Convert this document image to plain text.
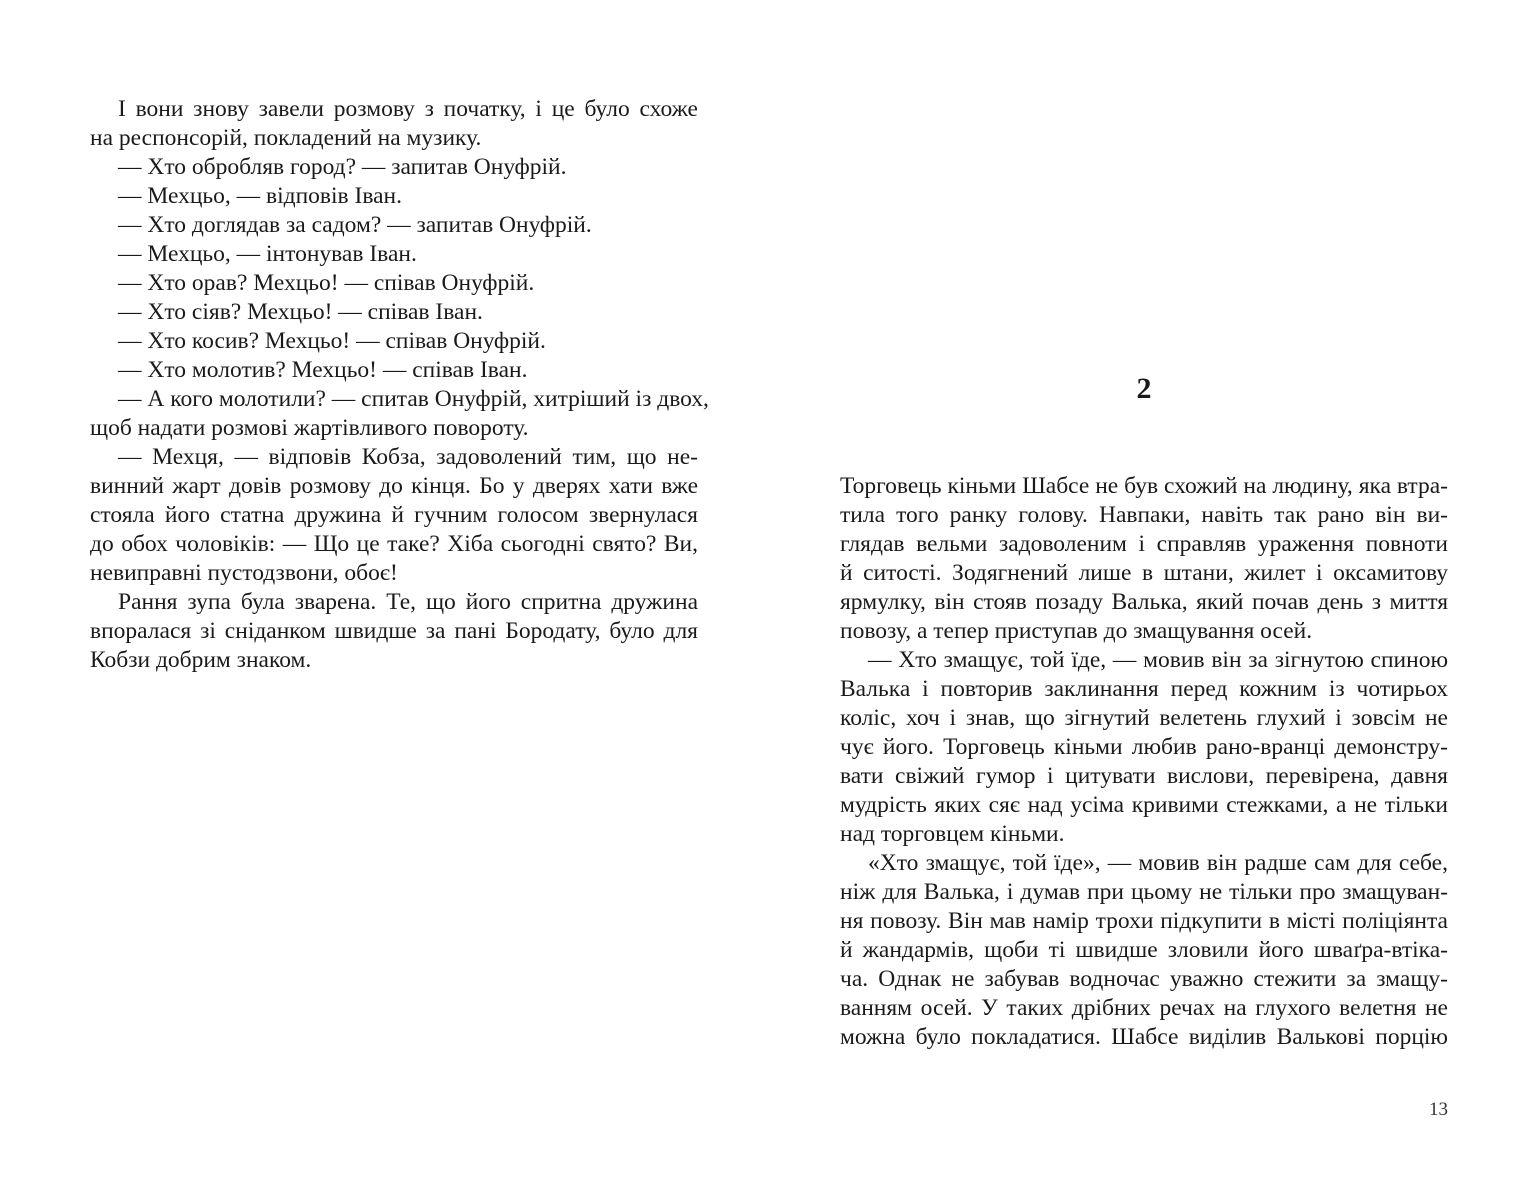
І вони знову завели розмову з початку, і це було схоже
на респонсорій, покладений на музику.
— Хто обробляв город? — запитав Онуфрій.
— Мехцьо, — відповів Іван.
— Хто доглядав за садом? — запитав Онуфрій.
— Мехцьо, — інтонував Іван.
— Хто орав? Мехцьо! — співав Онуфрій.
— Хто сіяв? Мехцьо! — співав Іван.
— Хто косив? Мехцьо! — співав Онуфрій.
— Хто молотив? Мехцьо! — співав Іван.
— А кого молотили? — спитав Онуфрій, хитріший із двох,
щоб надати розмові жартівливого повороту.
— Мехця, — відповів Кобза, задоволений тим, що не-
винний жарт довів розмову до кінця. Бо у дверях хати вже
стояла його статна дружина й гучним голосом звернулася
до обох чоловіків: — Що це таке? Хіба сьогодні свято? Ви,
невиправні пустодзвони, обоє!
Рання зупа була зварена. Те, що його спритна дружина
впоралася зі сніданком швидше за пані Бородату, було для
Кобзи добрим знаком.
2
Торговець кіньми Шабсе не був схожий на людину, яка втра-
тила того ранку голову. Навпаки, навіть так рано він ви-
глядав вельми задоволеним і справляв ураження повноти
й ситості. Зодягнений лише в штани, жилет і оксамитову
ярмулку, він стояв позаду Валька, який почав день з миття
повозу, а тепер приступав до змащування осей.
— Хто змащує, той їде, — мовив він за зігнутою спиною
Валька і повторив заклинання перед кожним із чотирьох
коліс, хоч і знав, що зігнутий велетень глухий і зовсім не
чує його. Торговець кіньми любив рано-вранці демонстру-
вати свіжий гумор і цитувати вислови, перевірена, давня
мудрість яких сяє над усіма кривими стежками, а не тільки
над торговцем кіньми.
«Хто змащує, той їде», — мовив він радше сам для себе,
ніж для Валька, і думав при цьому не тільки про змащуван-
ня повозу. Він мав намір трохи підкупити в місті поліціянта
й жандармів, щоби ті швидше зловили його шваґра-втіка-
ча. Однак не забував водночас уважно стежити за змащу-
ванням осей. У таких дрібних речах на глухого велетня не
можна було покладатися. Шабсе виділив Валькові порцію
13
